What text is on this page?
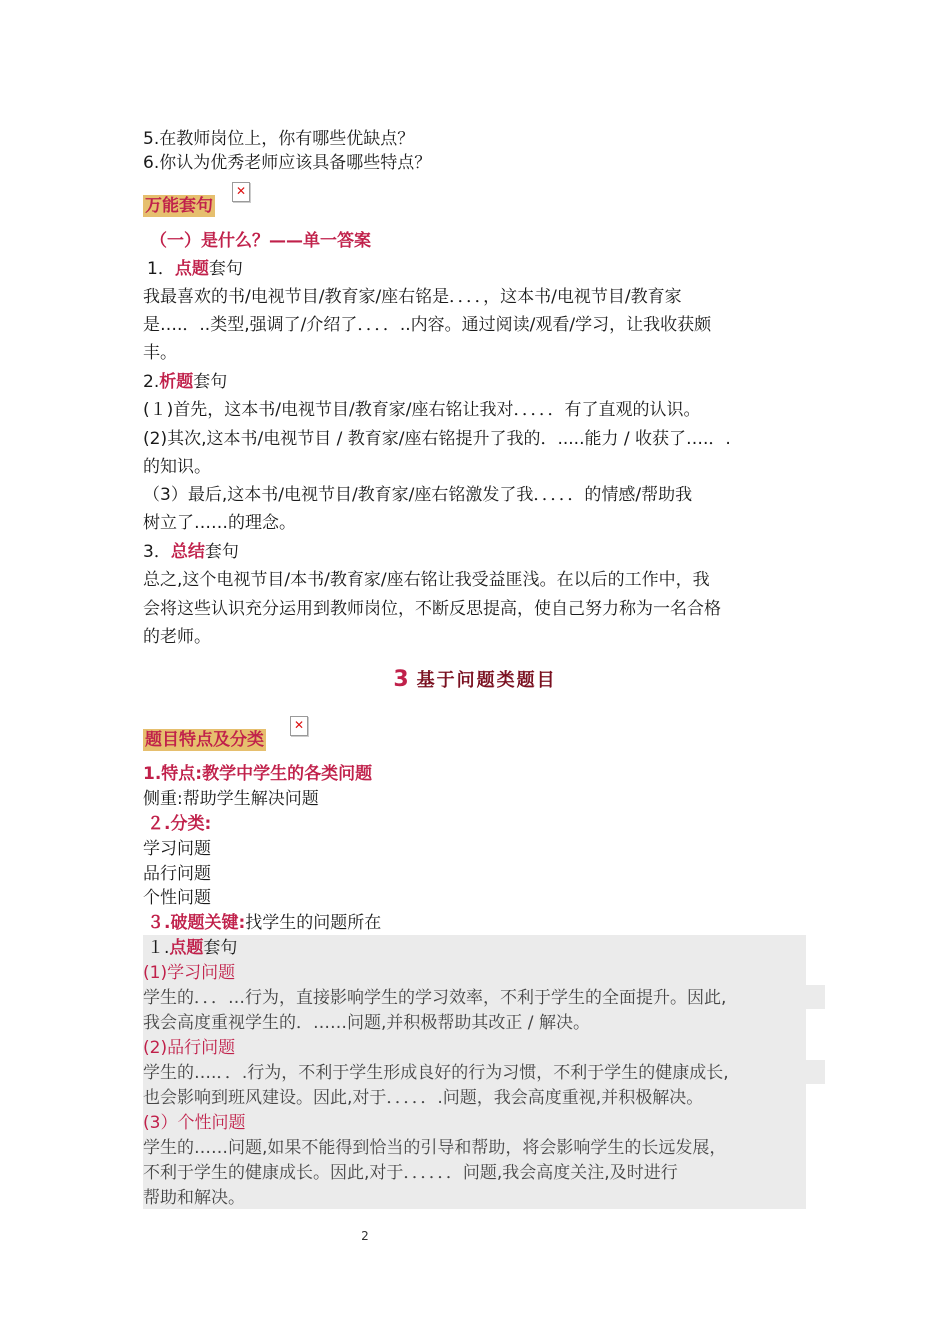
5.在教师岗位上，你有哪些优缺点？
6.你认为优秀老师应该具备哪些特点？
万能套句
✕
（一）是什么？——单一答案
1．点题套句
我最喜欢的书/电视节目/教育家/座右铭是．．．．，这本书/电视节目/教育家
是….．..类型,强调了/介绍了．．．．..内容。通过阅读/观看/学习，让我收获颇
丰。
2.析题套句
(１)首先，这本书/电视节目/教育家/座右铭让我对．．．．．有了直观的认识。
(2)其次,这本书/电视节目 / 教育家/座右铭提升了我的．.....能力 / 收获了….．.
的知识。
（3）最后,这本书/电视节目/教育家/座右铭激发了我．．．．．的情感/帮助我
树立了……的理念。
3．总结套句
总之,这个电视节目/本书/教育家/座右铭让我受益匪浅。在以后的工作中，我
会将这些认识充分运用到教师岗位，不断反思提高，使自己努力称为一名合格
的老师。
3 基于问题类题目
题目特点及分类
✕
1.特点:教学中学生的各类问题
侧重:帮助学生解决问题
２.分类:
学习问题
品行问题
个性问题
３.破题关键:找学生的问题所在
１.点题套句
(1)学习问题
学生的．．．…行为，直接影响学生的学习效率，不利于学生的全面提升。因此,
我会高度重视学生的．……问题,并积极帮助其改正 / 解决。
(2)品行问题
学生的….．．.行为，不利于学生形成良好的行为习惯，不利于学生的健康成长,
也会影响到班风建设。因此,对于．．．．．.问题，我会高度重视,并积极解决。
(3）个性问题
学生的……问题,如果不能得到恰当的引导和帮助，将会影响学生的长远发展，
不利于学生的健康成长。因此,对于．．．．．．问题,我会高度关注,及时进行
帮助和解决。
2
